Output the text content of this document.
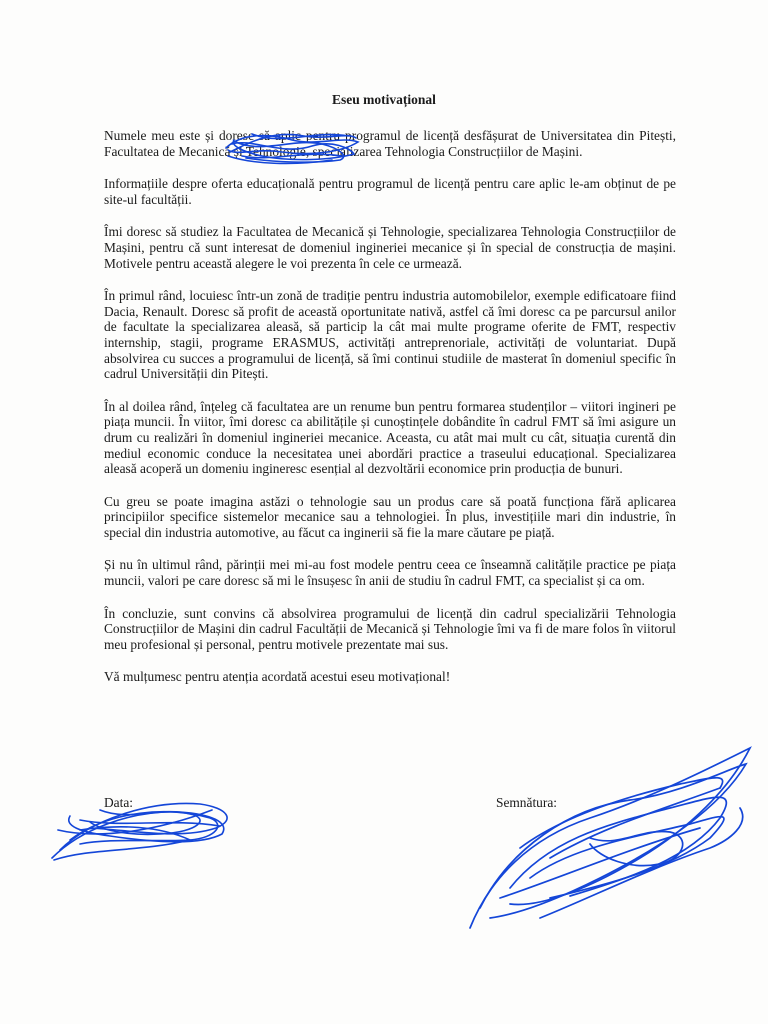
Eseu motivațional

Numele meu este și doresc să aplic pentru programul de licență desfășurat de Universitatea din Pitești, Facultatea de Mecanică și Tehnologie, specializarea Tehnologia Construcțiilor de Mașini.

Informațiile despre oferta educațională pentru programul de licență pentru care aplic le-am obținut de pe site-ul facultății.

Îmi doresc să studiez la Facultatea de Mecanică și Tehnologie, specializarea Tehnologia Construcțiilor de Mașini, pentru că sunt interesat de domeniul ingineriei mecanice și în special de construcția de mașini. Motivele pentru această alegere le voi prezenta în cele ce urmează.

În primul rând, locuiesc într-un zonă de tradiție pentru industria automobilelor, exemple edificatoare fiind Dacia, Renault. Doresc să profit de această oportunitate nativă, astfel că îmi doresc ca pe parcursul anilor de facultate la specializarea aleasă, să particip la cât mai multe programe oferite de FMT, respectiv internship, stagii, programe ERASMUS, activități antreprenoriale, activități de voluntariat. După absolvirea cu succes a programului de licență, să îmi continui studiile de masterat în domeniul specific în cadrul Universității din Pitești.

În al doilea rând, înțeleg că facultatea are un renume bun pentru formarea studenților – viitori ingineri pe piața muncii. În viitor, îmi doresc ca abilitățile și cunoștințele dobândite în cadrul FMT să îmi asigure un drum cu realizări în domeniul ingineriei mecanice. Aceasta, cu atât mai mult cu cât, situația curentă din mediul economic conduce la necesitatea unei abordări practice a traseului educațional. Specializarea aleasă acoperă un domeniu ingineresc esențial al dezvoltării economice prin producția de bunuri.

Cu greu se poate imagina astăzi o tehnologie sau un produs care să poată funcționa fără aplicarea principiilor specifice sistemelor mecanice sau a tehnologiei. În plus, investițiile mari din industrie, în special din industria automotive, au făcut ca inginerii să fie la mare căutare pe piață.

Și nu în ultimul rând, părinții mei mi-au fost modele pentru ceea ce înseamnă calitățile practice pe piața muncii, valori pe care doresc să mi le însușesc în anii de studiu în cadrul FMT, ca specialist și ca om.

În concluzie, sunt convins că absolvirea programului de licență din cadrul specializării Tehnologia Construcțiilor de Mașini din cadrul Facultății de Mecanică și Tehnologie îmi va fi de mare folos în viitorul meu profesional și personal, pentru motivele prezentate mai sus.

Vă mulțumesc pentru atenția acordată acestui eseu motivațional!

Data:	Semnătura:
